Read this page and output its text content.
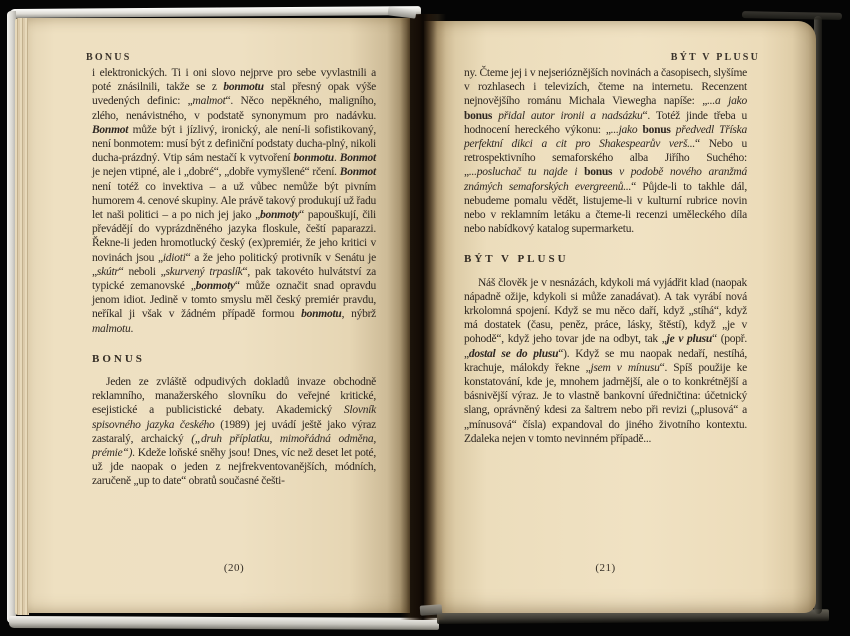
BONUS

i elektronických. Ti i oni slovo nejprve pro sebe vyvlastnili a poté znásilnili, takže se z bonmotu stal přesný opak výše uvedených definic: „malmot“. Něco nepěkného, maligního, zlého, nenávistného, v podstatě synonymum pro nadávku. Bonmot může být i jízlivý, ironický, ale není-li sofistikovaný, není bonmotem: musí být z definiční podstaty ducha-plný, nikoli ducha-prázdný. Vtip sám nestačí k vytvoření bonmotu. Bonmot je nejen vtipné, ale i „dobré“, „dobře vymyšlené“ rčení. Bonmot není totéž co invektiva – a už vůbec nemůže být pivním humorem 4. cenové skupiny. Ale právě takový produkují už řadu let naši politici – a po nich jej jako „bonmoty“ papouškují, čili převádějí do vyprázdněného jazyka floskule, čeští paparazzi. Řekne-li jeden hromotlucký český (ex)premiér, že jeho kritici v novinách jsou „idioti“ a že jeho politický protivník v Senátu je „skútr“ neboli „skurvený trpaslík“, pak takovéto hulvátství za typické zemanovské „bonmoty“ může označit snad opravdu jenom idiot. Jedině v tomto smyslu měl český premiér pravdu, neříkal ji však v žádném případě formou bonmotu, nýbrž malmotu.

BONUS

Jeden ze zvláště odpudivých dokladů invaze obchodně reklamního, manažerského slovníku do veřejné kritické, esejistické a publicistické debaty. Akademický Slovník spisovného jazyka českého (1989) jej uvádí ještě jako výraz zastaralý, archaický („druh příplatku, mimořádná odměna, prémie“). Kdeže loňské sněhy jsou! Dnes, víc než deset let poté, už jde naopak o jeden z nejfrekventovanějších, módních, zaručeně „up to date“ obratů současné češti-

(20)
BÝT V PLUSU

ny. Čteme jej i v nejserióznějších novinách a časopisech, slyšíme v rozhlasech i televizích, čteme na internetu. Recenzent nejnovějšího románu Michala Viewegha napíše: „...a jako bonus přidal autor ironii a nadsázku“. Totéž jinde třeba u hodnocení hereckého výkonu: „...jako bonus předvedl Tříska perfektní dikci a cit pro Shakespearův verš...“ Nebo u retrospektivního semaforského alba Jiřího Suchého: „...posluchač tu najde i bonus v podobě nového aranžmá známých semaforských evergreenů...“ Půjde-li to takhle dál, nebudeme pomalu vědět, listujeme-li v kulturní rubrice novin nebo v reklamním letáku a čteme-li recenzi uměleckého díla nebo nabídkový katalog supermarketu.

BÝT V PLUSU

Náš člověk je v nesnázách, kdykoli má vyjádřit klad (naopak nápadně ožije, kdykoli si může zanadávat). A tak vyrábí nová krkolomná spojení. Když se mu něco daří, když „stíhá“, když má dostatek (času, peněz, práce, lásky, štěstí), když „je v pohodě“, když jeho tovar jde na odbyt, tak „je v plusu“ (popř. „dostal se do plusu“). Když se mu naopak nedaří, nestíhá, krachuje, málokdy řekne „jsem v mínusu“. Spíš použije ke konstatování, kde je, mnohem jadrnější, ale o to konkrétnější a básnivější výraz. Je to vlastně bankovní úředničtina: účetnický slang, oprávněný kdesi za šaltrem nebo při revizi („plusová“ a „mínusová“ čísla) expandoval do jiného životního kontextu. Zdaleka nejen v tomto nevinném případě...

(21)
